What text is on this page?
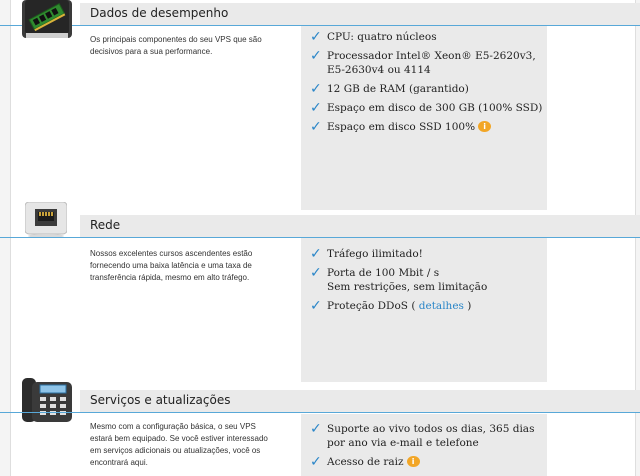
Dados de desempenho
Os principais componentes do seu VPS que são decisivos para a sua performance.
✓ CPU: quatro núcleos
✓ Processador Intel® Xeon® E5-2620v3,
E5-2630v4 ou 4114
✓ 12 GB de RAM (garantido)
✓ Espaço em disco de 300 GB (100% SSD)
✓ Espaço em disco SSD 100% i
Rede
Nossos excelentes cursos ascendentes estão fornecendo uma baixa latência e uma taxa de transferência rápida, mesmo em alto tráfego.
✓ Tráfego ilimitado!
✓ Porta de 100 Mbit / s
Sem restrições, sem limitação
✓ Proteção DDoS ( detalhes )
Serviços e atualizações
Mesmo com a configuração básica, o seu VPS estará bem equipado. Se você estiver interessado em serviços adicionais ou atualizações, você os encontrará aqui.
✓ Suporte ao vivo todos os dias, 365 dias
por ano via e-mail e telefone
✓ Acesso de raiz i
